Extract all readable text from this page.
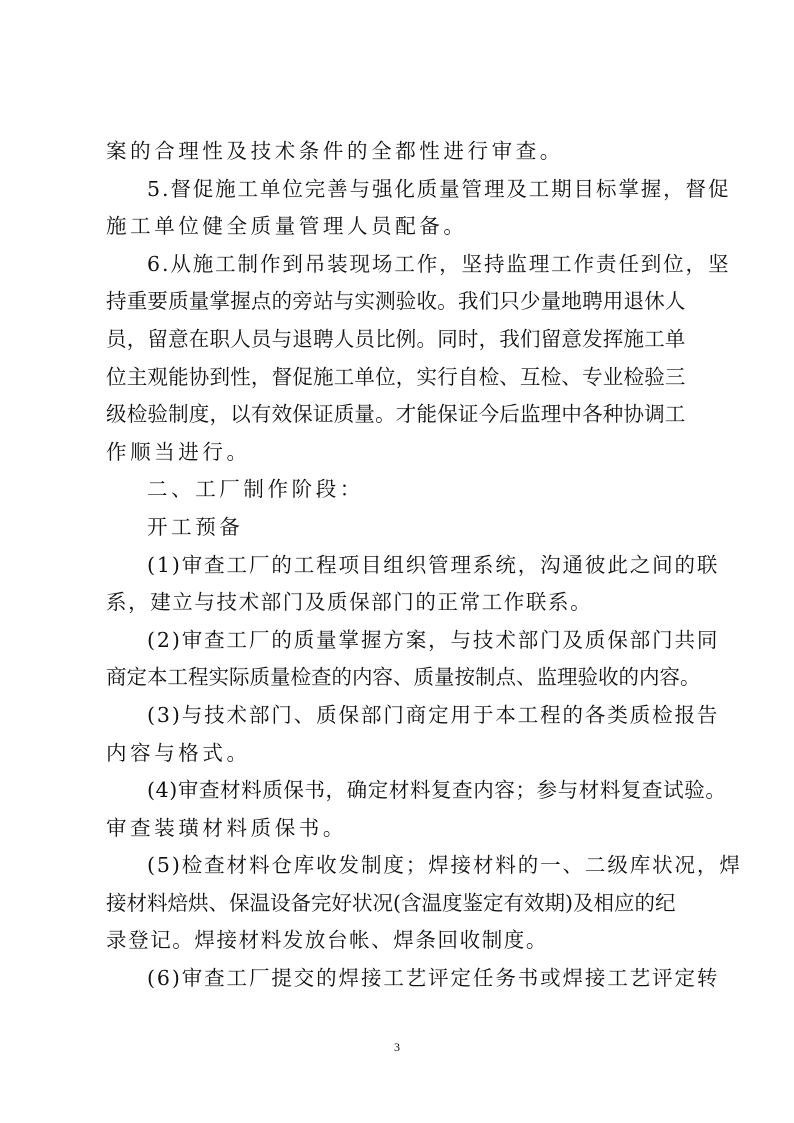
案的合理性及技术条件的全都性进行审查。
5.督促施工单位完善与强化质量管理及工期目标掌握，督促
施工单位健全质量管理人员配备。
6.从施工制作到吊装现场工作，坚持监理工作责任到位，坚
持重要质量掌握点的旁站与实测验收。我们只少量地聘用退休人
员，留意在职人员与退聘人员比例。同时，我们留意发挥施工单
位主观能协到性，督促施工单位，实行自检、互检、专业检验三
级检验制度，以有效保证质量。才能保证今后监理中各种协调工
作顺当进行。
二、工厂制作阶段：
开工预备
(1)审查工厂的工程项目组织管理系统，沟通彼此之间的联
系，建立与技术部门及质保部门的正常工作联系。
(2)审查工厂的质量掌握方案，与技术部门及质保部门共同
商定本工程实际质量检查的内容、质量按制点、监理验收的内容。
(3)与技术部门、质保部门商定用于本工程的各类质检报告
内容与格式。
(4)审查材料质保书，确定材料复查内容；参与材料复查试验。
审查装璜材料质保书。
(5)检查材料仓库收发制度；焊接材料的一、二级库状况，焊
接材料焙烘、保温设备完好状况(含温度鉴定有效期)及相应的纪
录登记。焊接材料发放台帐、焊条回收制度。
(6)审查工厂提交的焊接工艺评定任务书或焊接工艺评定转
3
